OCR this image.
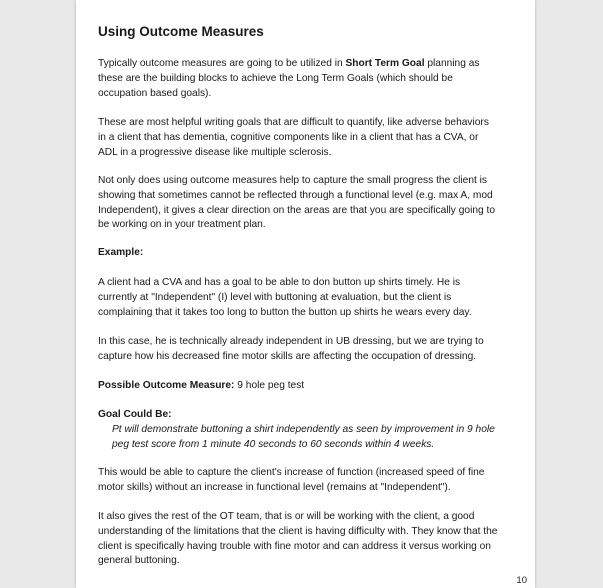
Using Outcome Measures

Typically outcome measures are going to be utilized in Short Term Goal planning as
these are the building blocks to achieve the Long Term Goals (which should be
occupation based goals).

These are most helpful writing goals that are difficult to quantify, like adverse behaviors
in a client that has dementia, cognitive components like in a client that has a CVA, or
ADL in a progressive disease like multiple sclerosis.

Not only does using outcome measures help to capture the small progress the client is
showing that sometimes cannot be reflected through a functional level (e.g. max A, mod
Independent), it gives a clear direction on the areas are that you are specifically going to
be working on in your treatment plan.

Example:

A client had a CVA and has a goal to be able to don button up shirts timely. He is
currently at "Independent" (I) level with buttoning at evaluation, but the client is
complaining that it takes too long to button the button up shirts he wears every day.

In this case, he is technically already independent in UB dressing, but we are trying to
capture how his decreased fine motor skills are affecting the occupation of dressing.

Possible Outcome Measure: 9 hole peg test

Goal Could Be:
Pt will demonstrate buttoning a shirt independently as seen by improvement in 9 hole
peg test score from 1 minute 40 seconds to 60 seconds within 4 weeks.

This would be able to capture the client's increase of function (increased speed of fine
motor skills) without an increase in functional level (remains at "Independent").

It also gives the rest of the OT team, that is or will be working with the client, a good
understanding of the limitations that the client is having difficulty with. They know that the
client is specifically having trouble with fine motor and can address it versus working on
general buttoning.

10
